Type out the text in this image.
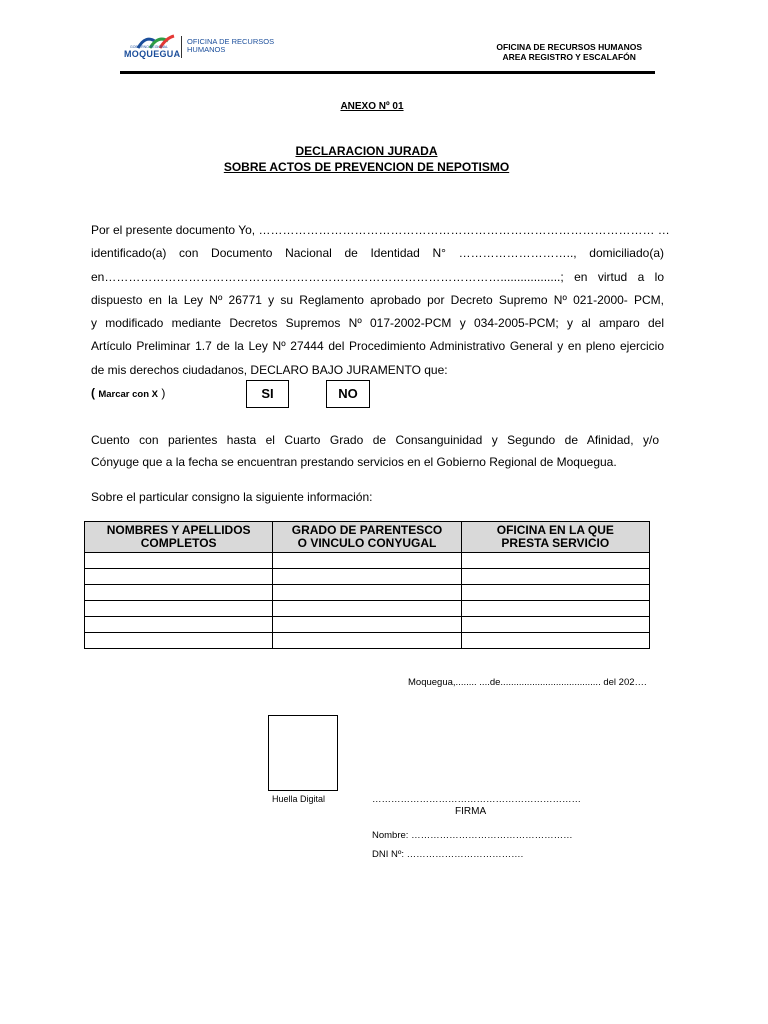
GOBIERNO REGIONAL
MOQUEGUA
OFICINA DE RECURSOS
HUMANOS	OFICINA DE RECURSOS HUMANOS
AREA REGISTRO Y ESCALAFÓN
ANEXO Nº 01
DECLARACION JURADA
SOBRE ACTOS DE PREVENCION DE NEPOTISMO
Por el presente documento Yo, ……………………………………………………………………………………… …
identificado(a) con Documento Nacional de Identidad N° ……………………….., domiciliado(a)
en………………………………………………………………………………………..................; en virtud a lo
dispuesto en la Ley Nº 26771 y su Reglamento aprobado por Decreto Supremo Nº 021-2000- PCM,
y modificado mediante Decretos Supremos Nº 017-2002-PCM y 034-2005-PCM; y al amparo del
Artículo Preliminar 1.7 de la Ley Nº 27444 del Procedimiento Administrativo General y en pleno ejercicio
de mis derechos ciudadanos, DECLARO BAJO JURAMENTO que:
( Marcar con X )	SI	NO
Cuento con parientes hasta el Cuarto Grado de Consanguinidad y Segundo de Afinidad, y/o
Cónyuge que a la fecha se encuentran prestando servicios en el Gobierno Regional de Moquegua.
Sobre el particular consigno la siguiente información:
NOMBRES Y APELLIDOS
COMPLETOS	GRADO DE PARENTESCO
O VINCULO CONYUGAL	OFICINA EN LA QUE
PRESTA SERVICIO

Moquegua,........ ....de...................................... del 202….
Huella Digital	…………………………………………………………
FIRMA
Nombre: ……………………………………………
DNI Nº: ……………………………….
